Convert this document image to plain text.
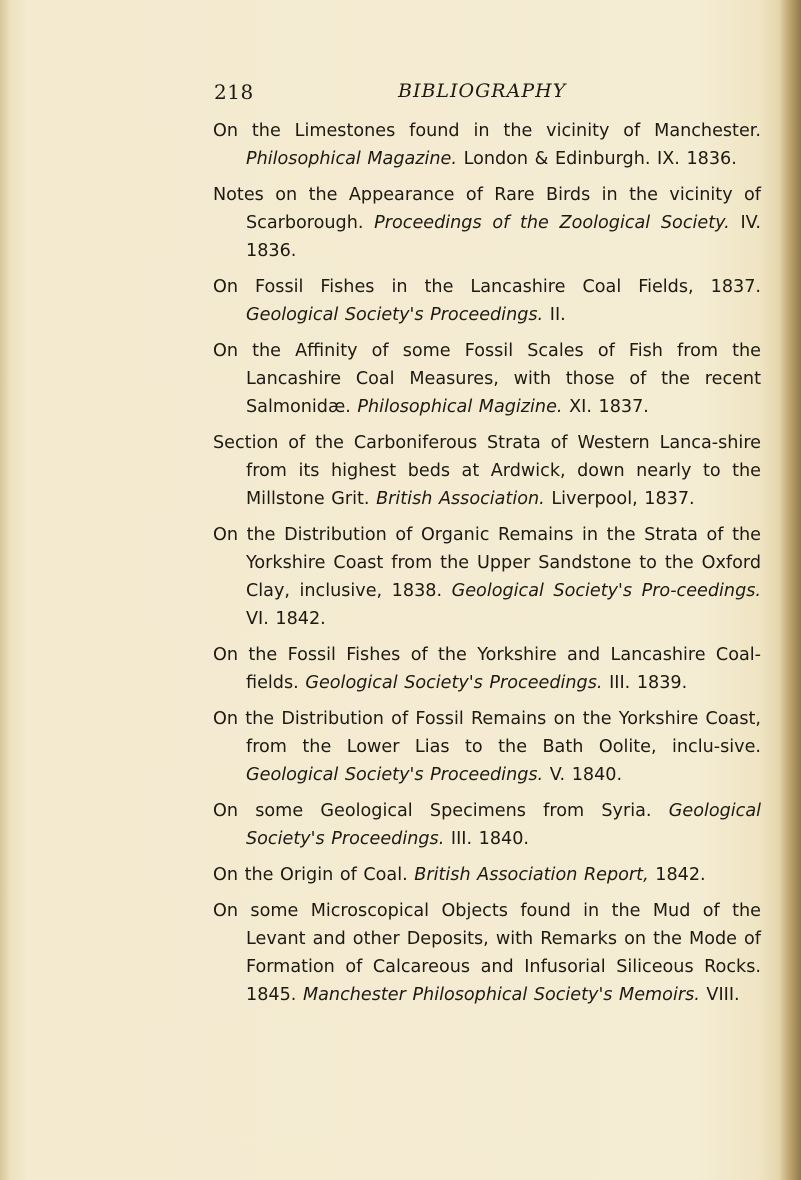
218	BIBLIOGRAPHY

On the Limestones found in the vicinity of Manchester. Philosophical Magazine. London & Edinburgh. IX. 1836.

Notes on the Appearance of Rare Birds in the vicinity of Scarborough. Proceedings of the Zoological Society. IV. 1836.

On Fossil Fishes in the Lancashire Coal Fields, 1837. Geological Society's Proceedings. II.

On the Affinity of some Fossil Scales of Fish from the Lancashire Coal Measures, with those of the recent Salmonidæ. Philosophical Magizine. XI. 1837.

Section of the Carboniferous Strata of Western Lanca-shire from its highest beds at Ardwick, down nearly to the Millstone Grit. British Association. Liverpool, 1837.

On the Distribution of Organic Remains in the Strata of the Yorkshire Coast from the Upper Sandstone to the Oxford Clay, inclusive, 1838. Geological Society's Pro-ceedings. VI. 1842.

On the Fossil Fishes of the Yorkshire and Lancashire Coal-fields. Geological Society's Proceedings. III. 1839.

On the Distribution of Fossil Remains on the Yorkshire Coast, from the Lower Lias to the Bath Oolite, inclu-sive. Geological Society's Proceedings. V. 1840.

On some Geological Specimens from Syria. Geological Society's Proceedings. III. 1840.

On the Origin of Coal. British Association Report, 1842.

On some Microscopical Objects found in the Mud of the Levant and other Deposits, with Remarks on the Mode of Formation of Calcareous and Infusorial Siliceous Rocks. 1845. Manchester Philosophical Society's Memoirs. VIII.
